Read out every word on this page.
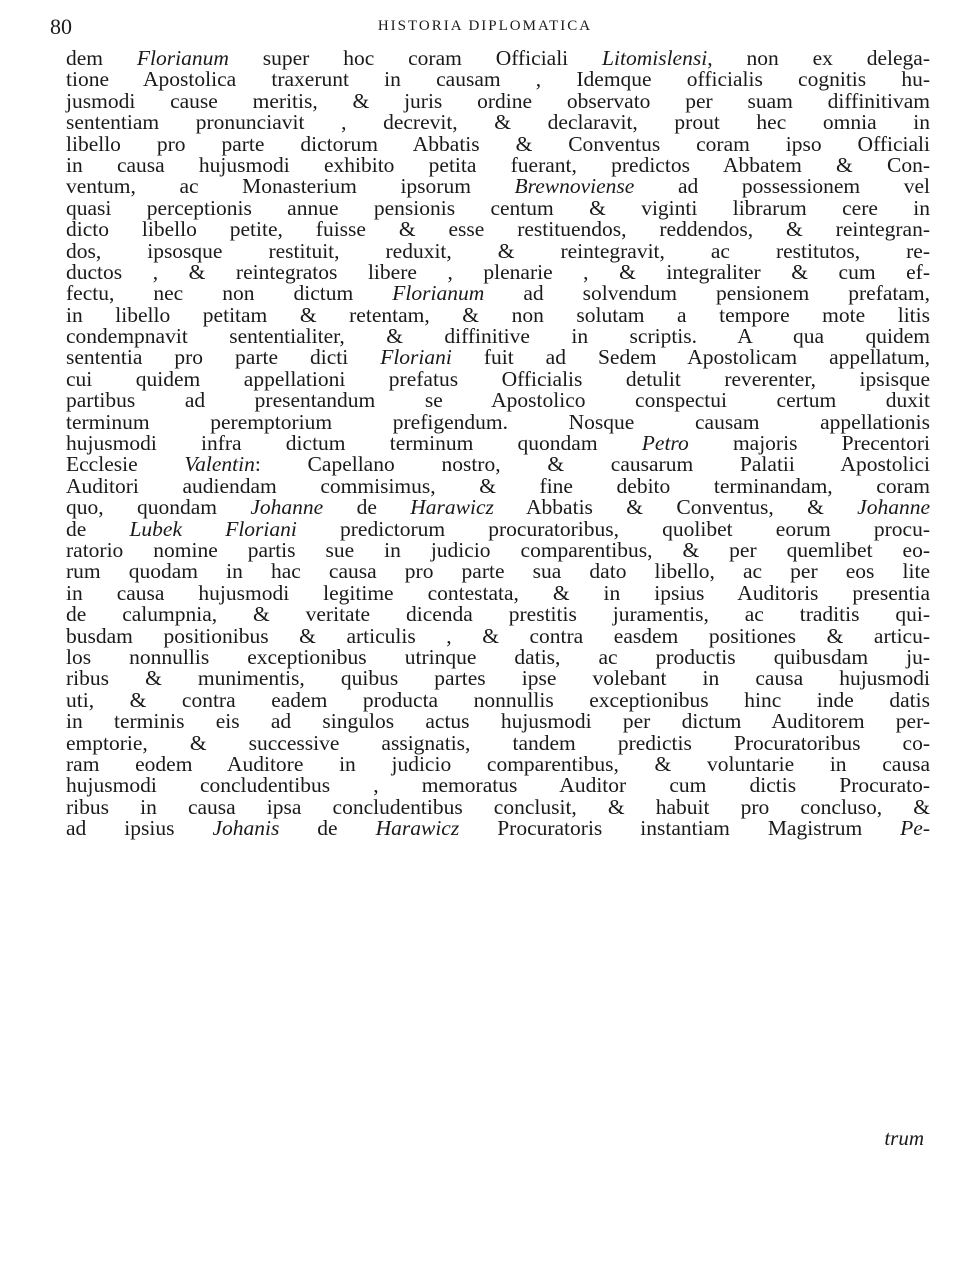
80	HISTORIA DIPLOMATICA
dem Florianum super hoc coram Officiali Litomislensi, non ex delega-
tione Apostolica traxerunt in causam , Idemque officialis cognitis hu-
jusmodi cause meritis, & juris ordine observato per suam diffinitivam
sententiam pronunciavit , decrevit, & declaravit, prout hec omnia in
libello pro parte dictorum Abbatis & Conventus coram ipso Officiali
in causa hujusmodi exhibito petita fuerant, predictos Abbatem & Con-
ventum, ac Monasterium ipsorum Brewnoviense ad possessionem vel
quasi perceptionis annue pensionis centum & viginti librarum cere in
dicto libello petite, fuisse & esse restituendos, reddendos, & reintegran-
dos, ipsosque restituit, reduxit, & reintegravit, ac restitutos, re-
ductos , & reintegratos libere , plenarie , & integraliter & cum ef-
fectu, nec non dictum Florianum ad solvendum pensionem prefatam,
in libello petitam & retentam, & non solutam a tempore mote litis
condempnavit sententialiter, & diffinitive in scriptis. A qua quidem
sententia pro parte dicti Floriani fuit ad Sedem Apostolicam appellatum,
cui quidem appellationi prefatus Officialis detulit reverenter, ipsisque
partibus ad presentandum se Apostolico conspectui certum duxit
terminum peremptorium prefigendum. Nosque causam appellationis
hujusmodi infra dictum terminum quondam Petro majoris Precentori
Ecclesie Valentin: Capellano nostro, & causarum Palatii Apostolici
Auditori audiendam commisimus, & fine debito terminandam, coram
quo, quondam Johanne de Harawicz Abbatis & Conventus, & Johanne
de Lubek Floriani predictorum procuratoribus, quolibet eorum procu-
ratorio nomine partis sue in judicio comparentibus, & per quemlibet eo-
rum quodam in hac causa pro parte sua dato libello, ac per eos lite
in causa hujusmodi legitime contestata, & in ipsius Auditoris presentia
de calumpnia, & veritate dicenda prestitis juramentis, ac traditis qui-
busdam positionibus & articulis , & contra easdem positiones & articu-
los nonnullis exceptionibus utrinque datis, ac productis quibusdam ju-
ribus & munimentis, quibus partes ipse volebant in causa hujusmodi
uti, & contra eadem producta nonnullis exceptionibus hinc inde datis
in terminis eis ad singulos actus hujusmodi per dictum Auditorem per-
emptorie, & successive assignatis, tandem predictis Procuratoribus co-
ram eodem Auditore in judicio comparentibus, & voluntarie in causa
hujusmodi concludentibus , memoratus Auditor cum dictis Procurato-
ribus in causa ipsa concludentibus conclusit, & habuit pro concluso, &
ad ipsius Johanis de Harawicz Procuratoris instantiam Magistrum Pe-
trum
